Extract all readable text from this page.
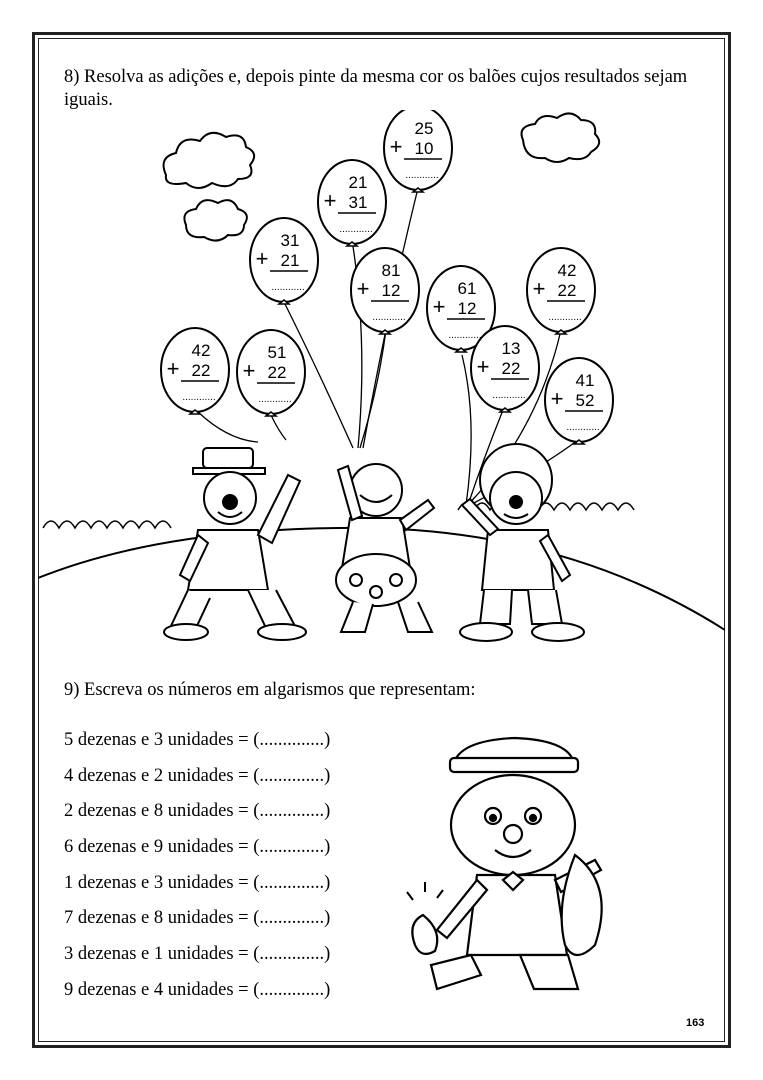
8) Resolva as adições e, depois pinte da mesma cor os balões cujos resultados sejam iguais.
42
+ 22
............
51
+ 22
............
31
+ 21
............
21
+ 31
............
25
+ 10
............
81
+ 12
............
61
+ 12
............
42
+ 22
............
13
+ 22
............
41
+ 52
............
9) Escreva os números em algarismos que representam:
5 dezenas e 3 unidades = (..............)
4 dezenas e 2 unidades = (..............)
2 dezenas e 8 unidades = (..............)
6 dezenas e 9 unidades = (..............)
1 dezenas e 3 unidades = (..............)
7 dezenas e 8 unidades = (..............)
3 dezenas e 1 unidades = (..............)
9 dezenas e 4 unidades = (..............)
163
